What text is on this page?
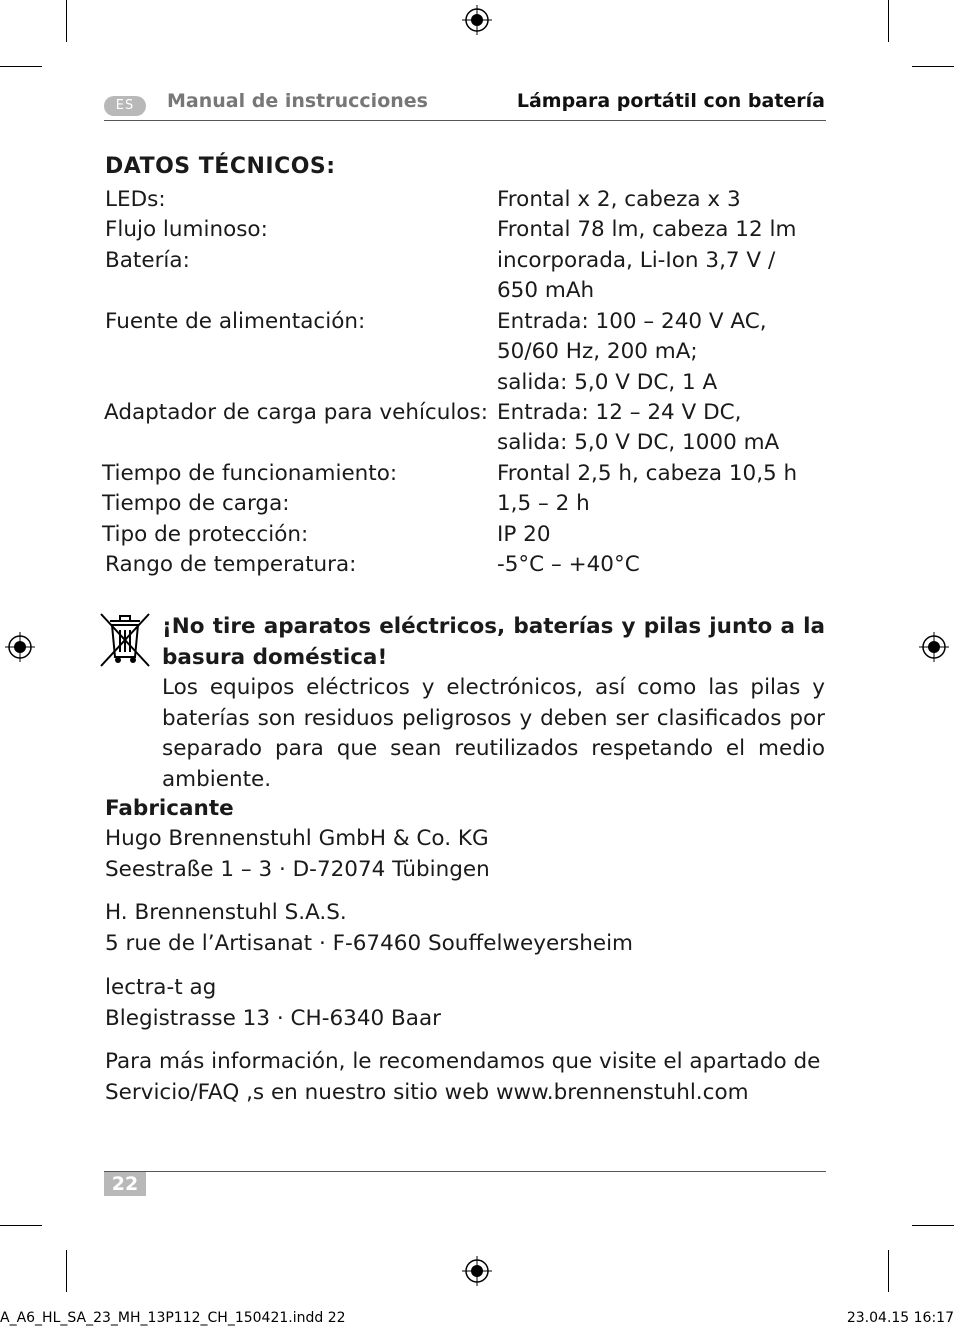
ES	Manual de instrucciones	Lámpara portátil con batería
DATOS TÉCNICOS:
LEDs:	Frontal x 2, cabeza x 3
Flujo luminoso:	Frontal 78 lm, cabeza 12 lm
Batería:	incorporada, Li-Ion 3,7 V /
650 mAh
Fuente de alimentación:	Entrada: 100 – 240 V AC,
50/60 Hz, 200 mA;
salida: 5,0 V DC, 1 A
Adaptador de carga para vehículos: Entrada: 12 – 24 V DC,
salida: 5,0 V DC, 1000 mA
Tiempo de funcionamiento:	Frontal 2,5 h, cabeza 10,5 h
Tiempo de carga:	1,5 – 2 h
Tipo de protección:	IP 20
Rango de temperatura:	-5°C – +40°C
¡No tire aparatos eléctricos, baterías y pilas junto a la basura doméstica!
Los equipos eléctricos y electrónicos, así como las pilas y baterías son residuos peligrosos y deben ser clasificados por separado para que sean reutilizados respetando el medio ambiente.
Fabricante
Hugo Brennenstuhl GmbH & Co. KG
Seestraße 1 – 3 · D-72074 Tübingen
H. Brennenstuhl S.A.S.
5 rue de l’Artisanat · F-67460 Souffelweyersheim
lectra-t ag
Blegistrasse 13 · CH-6340 Baar
Para más información, le recomendamos que visite el apartado de
Servicio/FAQ ,s en nuestro sitio web www.brennenstuhl.com
22
A_A6_HL_SA_23_MH_13P112_CH_150421.indd 22	23.04.15 16:17
